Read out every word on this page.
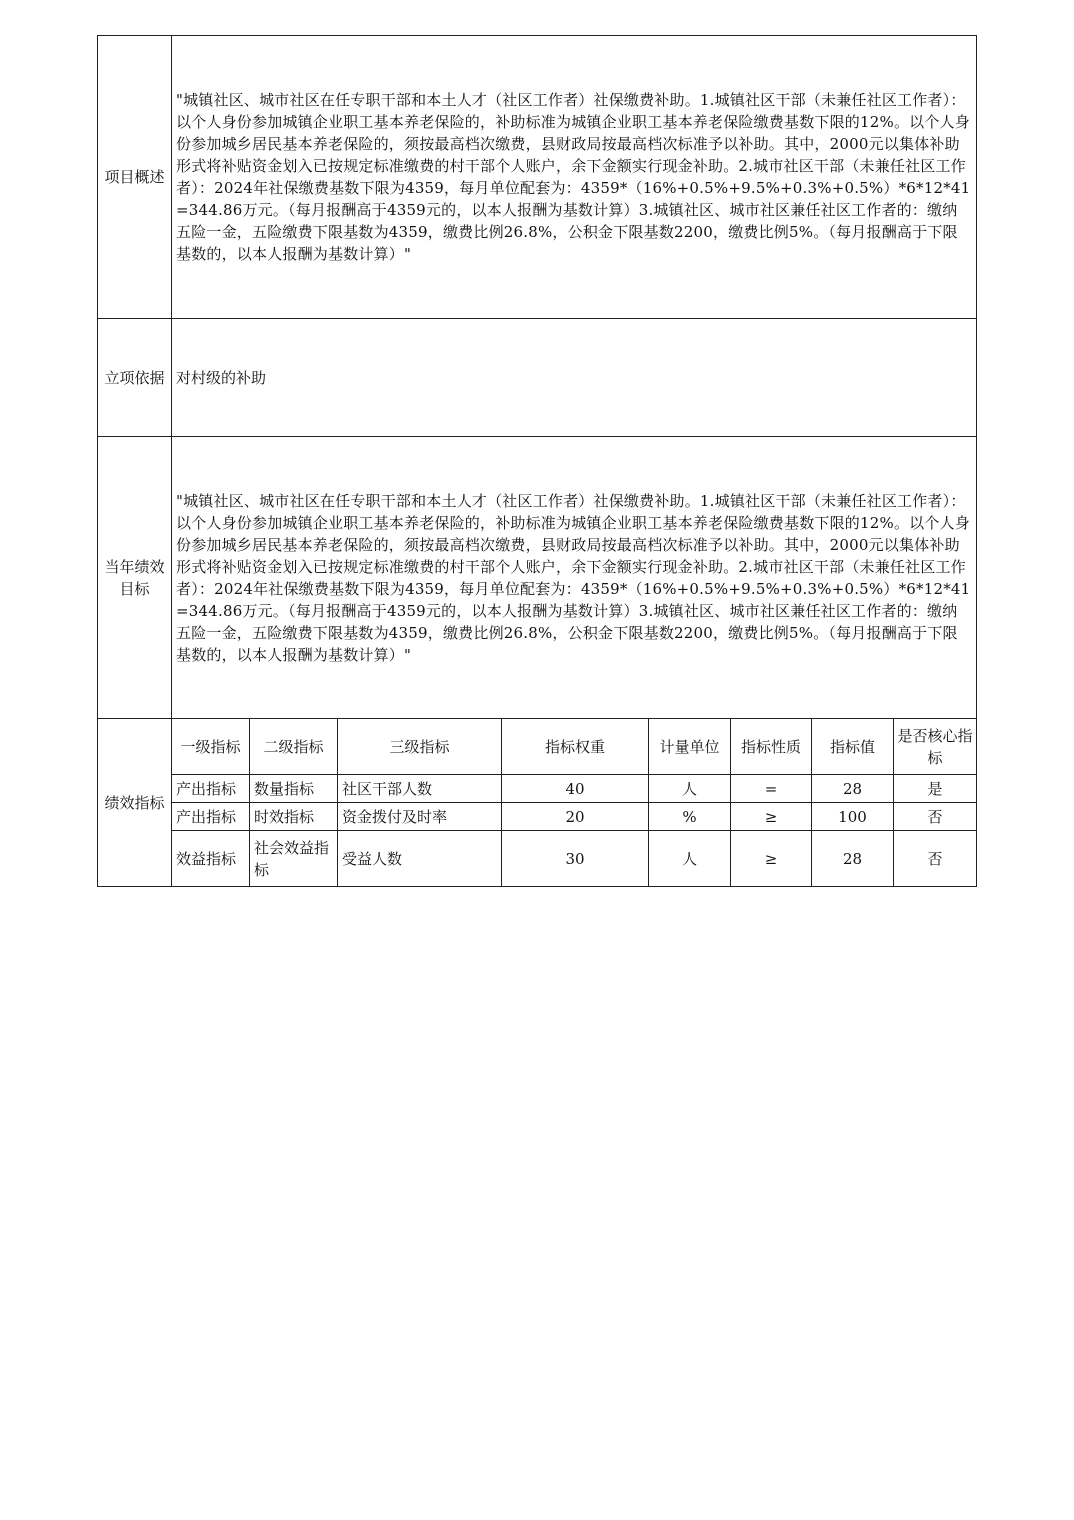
项目概述	"城镇社区、城市社区在任专职干部和本土人才（社区工作者）社保缴费补助。1.城镇社区干部（未兼任社区工作者）：以个人身份参加城镇企业职工基本养老保险的，补助标准为城镇企业职工基本养老保险缴费基数下限的12%。以个人身份参加城乡居民基本养老保险的，须按最高档次缴费，县财政局按最高档次标准予以补助。其中，2000元以集体补助形式将补贴资金划入已按规定标准缴费的村干部个人账户，余下金额实行现金补助。2.城市社区干部（未兼任社区工作者）：2024年社保缴费基数下限为4359，每月单位配套为：4359*（16%+0.5%+9.5%+0.3%+0.5%）*6*12*41=344.86万元。（每月报酬高于4359元的，以本人报酬为基数计算）3.城镇社区、城市社区兼任社区工作者的：缴纳五险一金，五险缴费下限基数为4359，缴费比例26.8%，公积金下限基数2200，缴费比例5%。（每月报酬高于下限基数的，以本人报酬为基数计算）"							
立项依据	对村级的补助							
当年绩效目标	"城镇社区、城市社区在任专职干部和本土人才（社区工作者）社保缴费补助。1.城镇社区干部（未兼任社区工作者）：以个人身份参加城镇企业职工基本养老保险的，补助标准为城镇企业职工基本养老保险缴费基数下限的12%。以个人身份参加城乡居民基本养老保险的，须按最高档次缴费，县财政局按最高档次标准予以补助。其中，2000元以集体补助形式将补贴资金划入已按规定标准缴费的村干部个人账户，余下金额实行现金补助。2.城市社区干部（未兼任社区工作者）：2024年社保缴费基数下限为4359，每月单位配套为：4359*（16%+0.5%+9.5%+0.3%+0.5%）*6*12*41=344.86万元。（每月报酬高于4359元的，以本人报酬为基数计算）3.城镇社区、城市社区兼任社区工作者的：缴纳五险一金，五险缴费下限基数为4359，缴费比例26.8%，公积金下限基数2200，缴费比例5%。（每月报酬高于下限基数的，以本人报酬为基数计算）"							
绩效指标	一级指标	二级指标	三级指标	指标权重	计量单位	指标性质	指标值	是否核心指标
	产出指标	数量指标	社区干部人数	40	人	=	28	是
	产出指标	时效指标	资金拨付及时率	20	%	≥	100	否
	效益指标	社会效益指标	受益人数	30	人	≥	28	否
